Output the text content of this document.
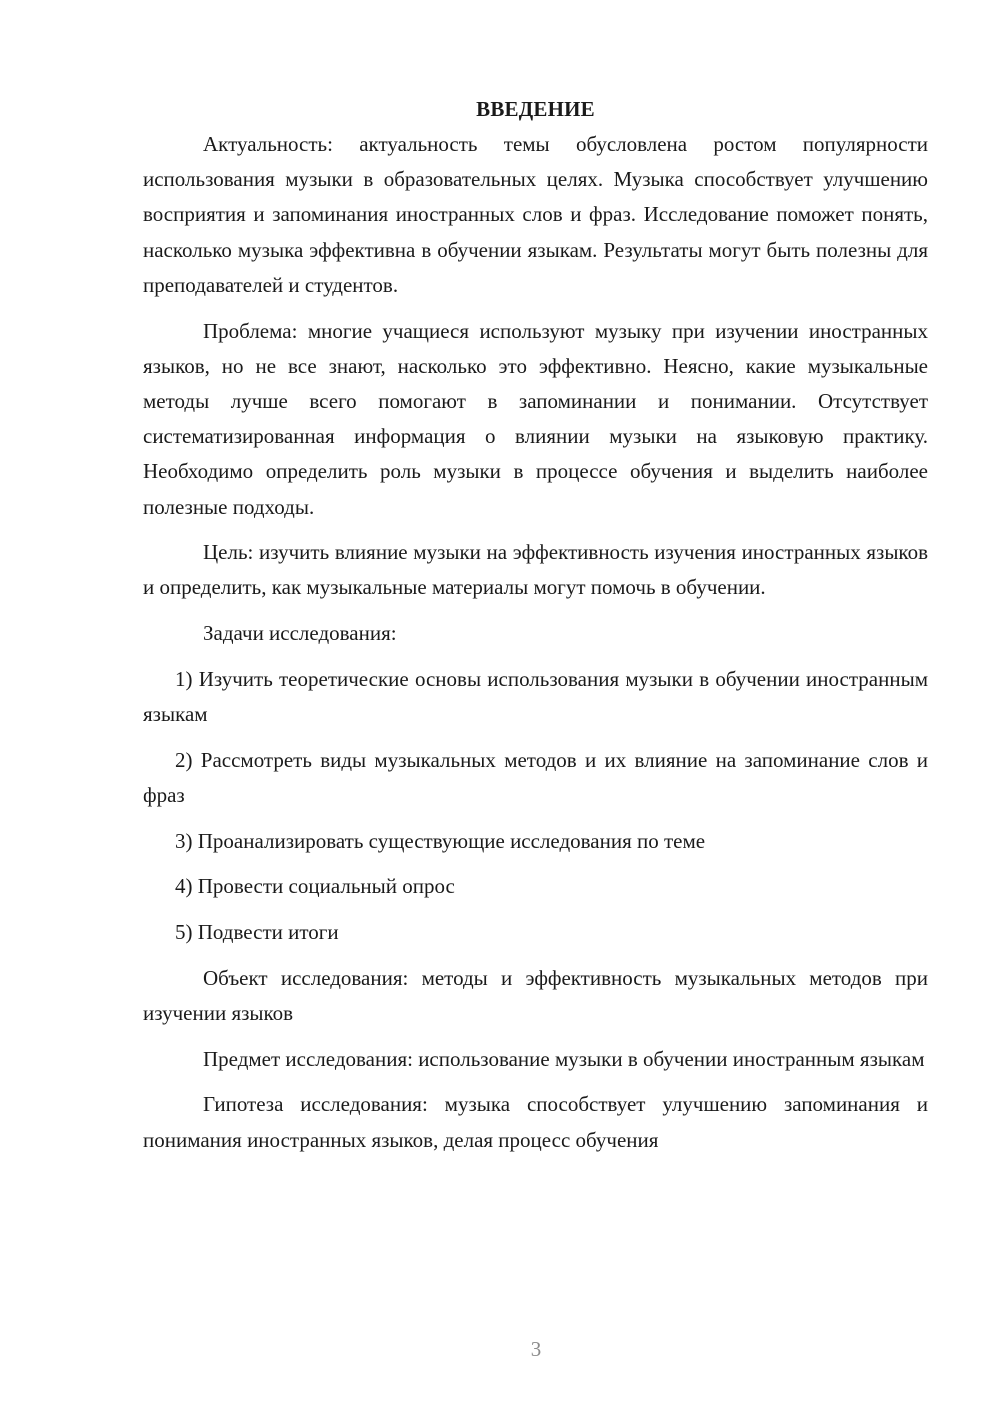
ВВЕДЕНИЕ

Актуальность: актуальность темы обусловлена ростом популярности использования музыки в образовательных целях. Музыка способствует улучшению восприятия и запоминания иностранных слов и фраз. Исследование поможет понять, насколько музыка эффективна в обучении языкам. Результаты могут быть полезны для преподавателей и студентов.

Проблема: многие учащиеся используют музыку при изучении иностранных языков, но не все знают, насколько это эффективно. Неясно, какие музыкальные методы лучше всего помогают в запоминании и понимании. Отсутствует систематизированная информация о влиянии музыки на языковую практику. Необходимо определить роль музыки в процессе обучения и выделить наиболее полезные подходы.

Цель: изучить влияние музыки на эффективность изучения иностранных языков и определить, как музыкальные материалы могут помочь в обучении.

Задачи исследования:

1) Изучить теоретические основы использования музыки в обучении иностранным языкам

2) Рассмотреть виды музыкальных методов и их влияние на запоминание слов и фраз

3) Проанализировать существующие исследования по теме

4) Провести социальный опрос

5) Подвести итоги

Объект исследования: методы и эффективность музыкальных методов при изучении языков

Предмет исследования: использование музыки в обучении иностранным языкам

Гипотеза исследования: музыка способствует улучшению запоминания и понимания иностранных языков, делая процесс обучения

3
